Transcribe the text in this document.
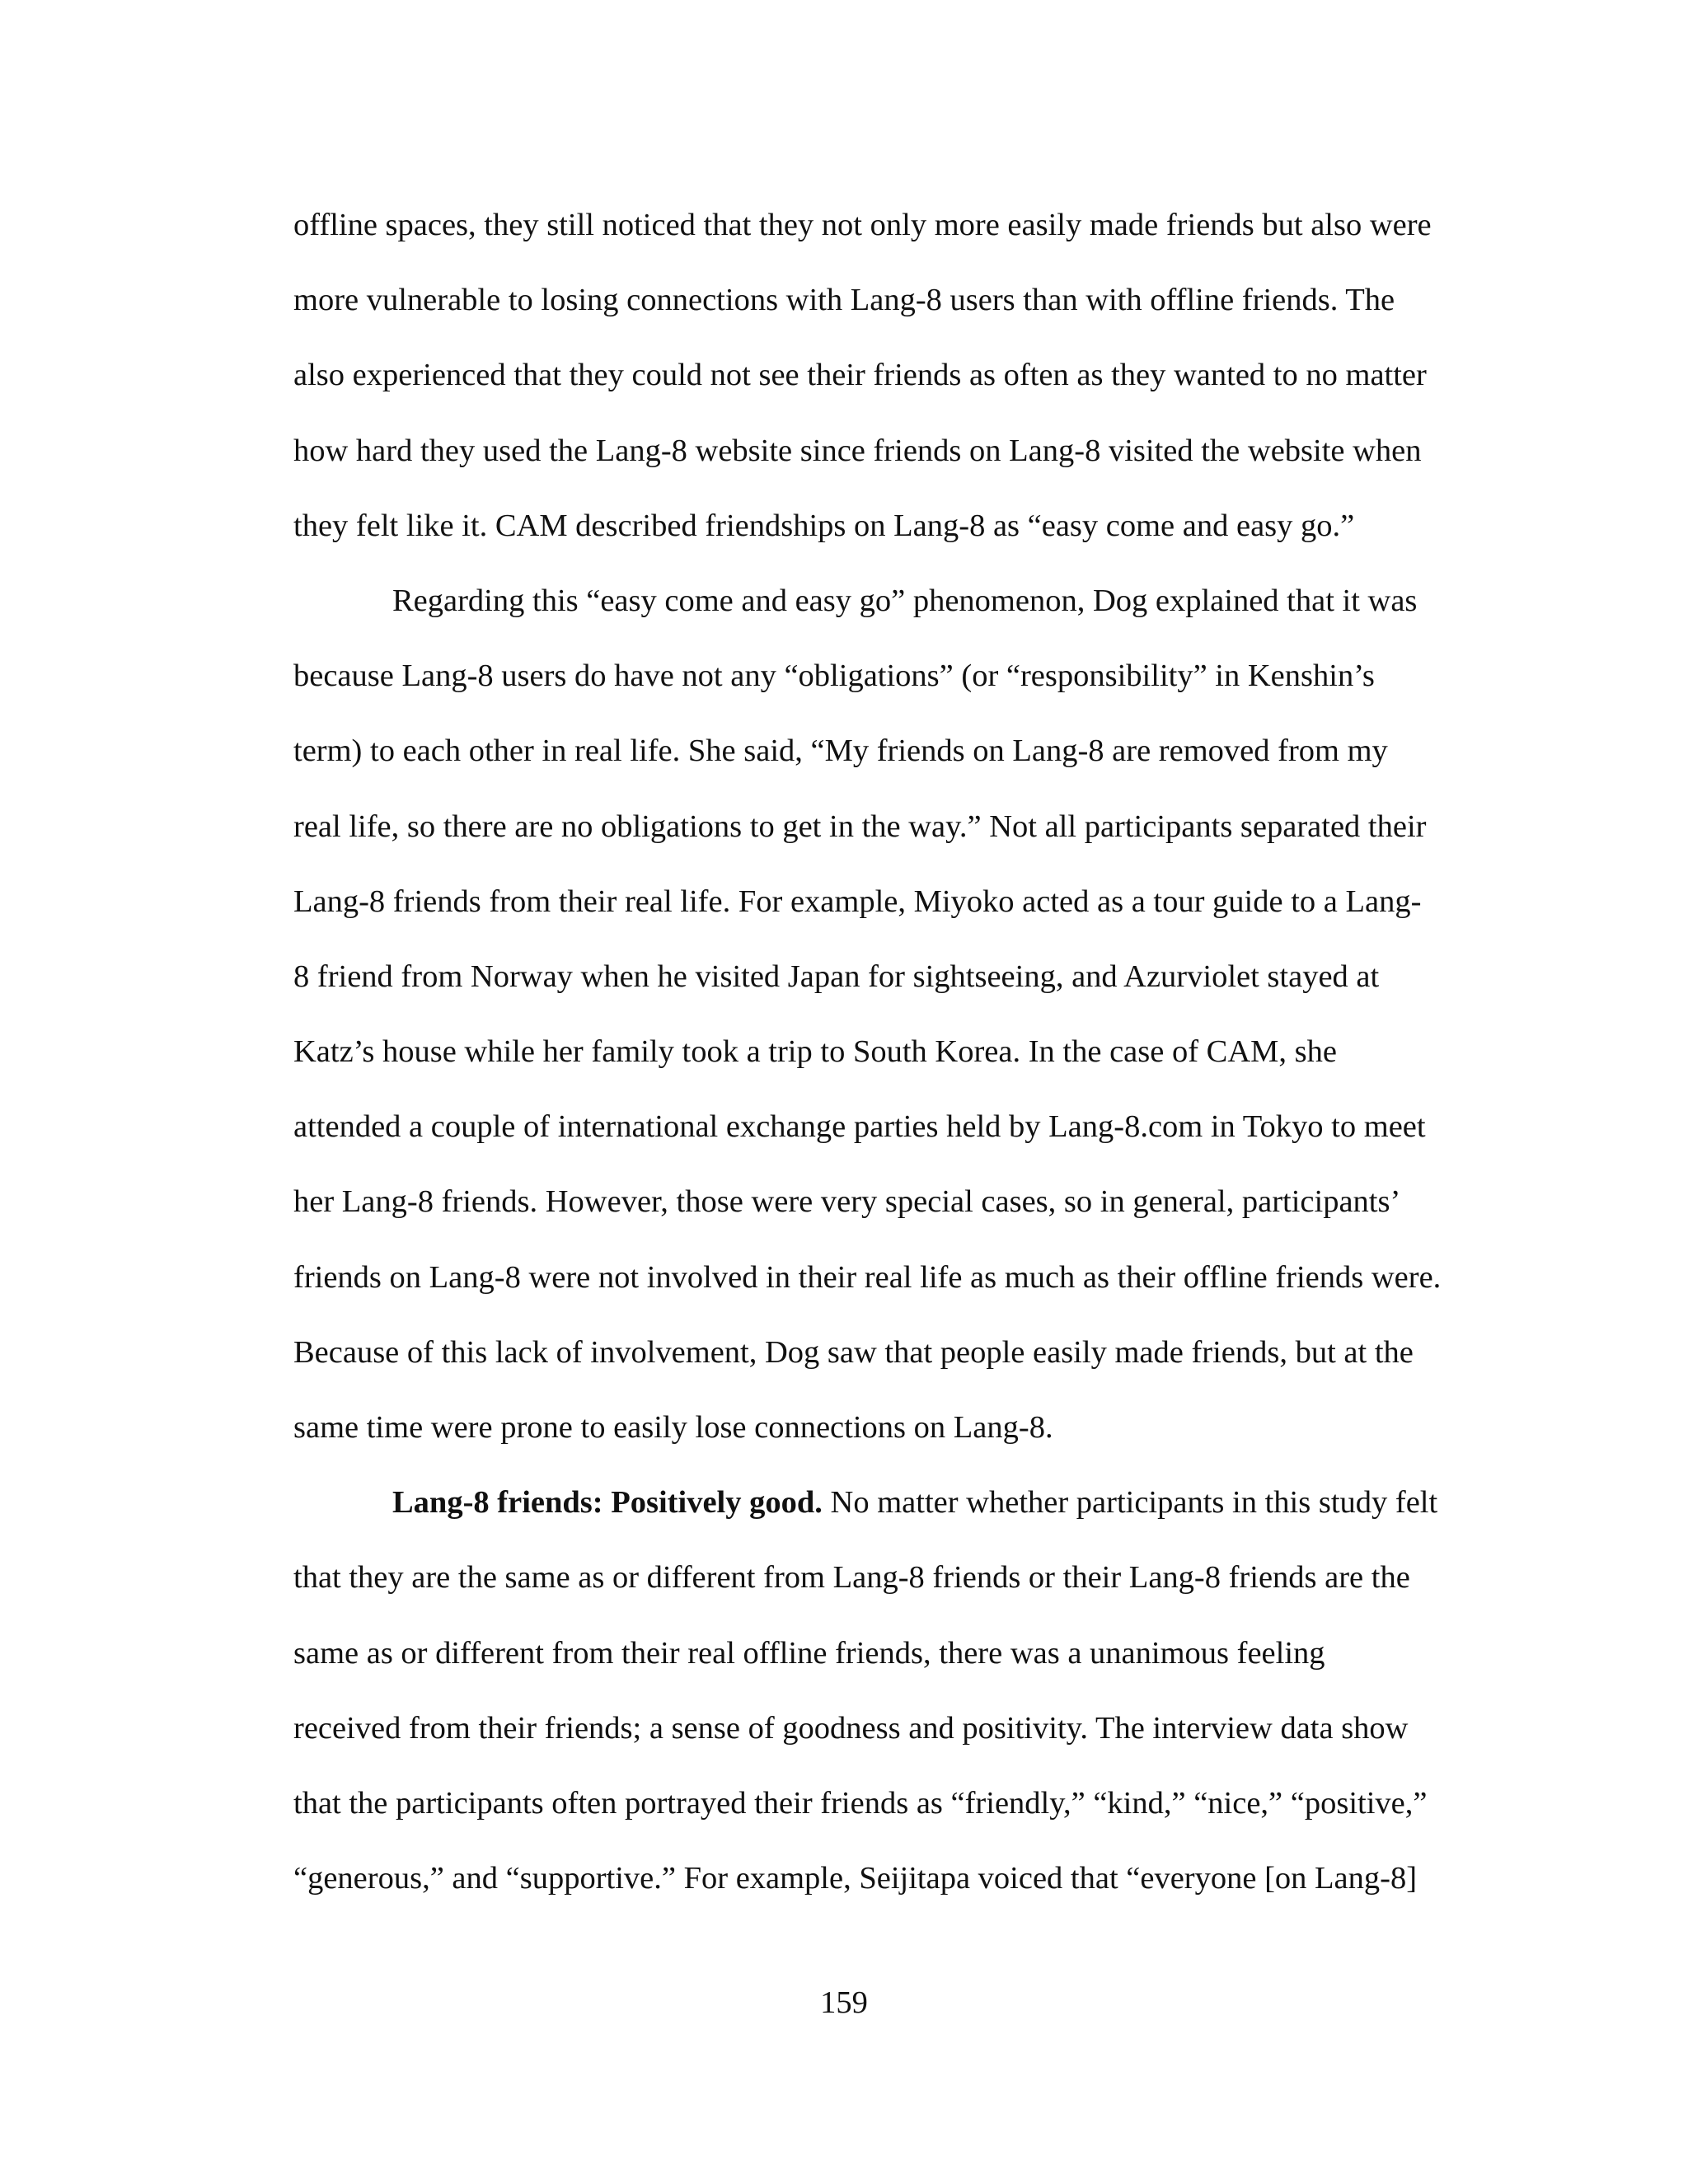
offline spaces, they still noticed that they not only more easily made friends but also were
more vulnerable to losing connections with Lang-8 users than with offline friends. The
also experienced that they could not see their friends as often as they wanted to no matter
how hard they used the Lang-8 website since friends on Lang-8 visited the website when
they felt like it. CAM described friendships on Lang-8 as “easy come and easy go.”
Regarding this “easy come and easy go” phenomenon, Dog explained that it was
because Lang-8 users do have not any “obligations” (or “responsibility” in Kenshin’s
term) to each other in real life. She said, “My friends on Lang-8 are removed from my
real life, so there are no obligations to get in the way.” Not all participants separated their
Lang-8 friends from their real life. For example, Miyoko acted as a tour guide to a Lang-
8 friend from Norway when he visited Japan for sightseeing, and Azurviolet stayed at
Katz’s house while her family took a trip to South Korea. In the case of CAM, she
attended a couple of international exchange parties held by Lang-8.com in Tokyo to meet
her Lang-8 friends. However, those were very special cases, so in general, participants’
friends on Lang-8 were not involved in their real life as much as their offline friends were.
Because of this lack of involvement, Dog saw that people easily made friends, but at the
same time were prone to easily lose connections on Lang-8.
Lang-8 friends: Positively good. No matter whether participants in this study felt
that they are the same as or different from Lang-8 friends or their Lang-8 friends are the
same as or different from their real offline friends, there was a unanimous feeling
received from their friends; a sense of goodness and positivity. The interview data show
that the participants often portrayed their friends as “friendly,” “kind,” “nice,” “positive,”
“generous,” and “supportive.” For example, Seijitapa voiced that “everyone [on Lang-8]
159
